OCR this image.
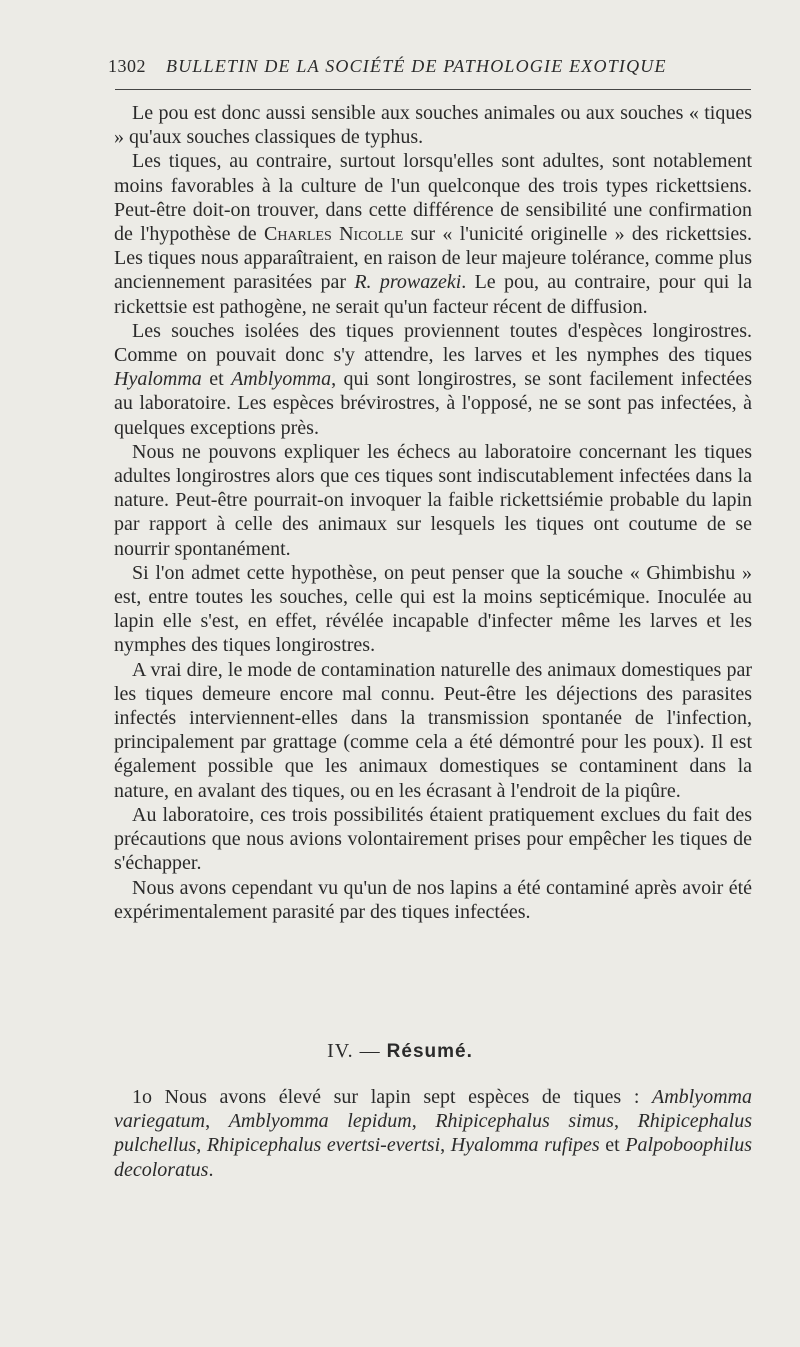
1302 BULLETIN DE LA SOCIÉTÉ DE PATHOLOGIE EXOTIQUE

Le pou est donc aussi sensible aux souches animales ou aux souches « tiques » qu'aux souches classiques de typhus.

Les tiques, au contraire, surtout lorsqu'elles sont adultes, sont notablement moins favorables à la culture de l'un quelconque des trois types rickettsiens. Peut-être doit-on trouver, dans cette différence de sensibilité une confirmation de l'hypothèse de Charles Nicolle sur « l'unicité originelle » des rickettsies. Les tiques nous apparaîtraient, en raison de leur majeure tolérance, comme plus anciennement parasitées par R. prowazeki. Le pou, au contraire, pour qui la rickettsie est pathogène, ne serait qu'un facteur récent de diffusion.

Les souches isolées des tiques proviennent toutes d'espèces longirostres. Comme on pouvait donc s'y attendre, les larves et les nymphes des tiques Hyalomma et Amblyomma, qui sont longirostres, se sont facilement infectées au laboratoire. Les espèces brévirostres, à l'opposé, ne se sont pas infectées, à quelques exceptions près.

Nous ne pouvons expliquer les échecs au laboratoire concernant les tiques adultes longirostres alors que ces tiques sont indiscutablement infectées dans la nature. Peut-être pourrait-on invoquer la faible rickettsiémie probable du lapin par rapport à celle des animaux sur lesquels les tiques ont coutume de se nourrir spontanément.

Si l'on admet cette hypothèse, on peut penser que la souche « Ghimbishu » est, entre toutes les souches, celle qui est la moins septicémique. Inoculée au lapin elle s'est, en effet, révélée incapable d'infecter même les larves et les nymphes des tiques longirostres.

A vrai dire, le mode de contamination naturelle des animaux domestiques par les tiques demeure encore mal connu. Peut-être les déjections des parasites infectés interviennent-elles dans la transmission spontanée de l'infection, principalement par grattage (comme cela a été démontré pour les poux). Il est également possible que les animaux domestiques se contaminent dans la nature, en avalant des tiques, ou en les écrasant à l'endroit de la piqûre.

Au laboratoire, ces trois possibilités étaient pratiquement exclues du fait des précautions que nous avions volontairement prises pour empêcher les tiques de s'échapper.

Nous avons cependant vu qu'un de nos lapins a été contaminé après avoir été expérimentalement parasité par des tiques infectées.

IV. — Résumé.

1o Nous avons élevé sur lapin sept espèces de tiques : Amblyomma variegatum, Amblyomma lepidum, Rhipicephalus simus, Rhipicephalus pulchellus, Rhipicephalus evertsi-evertsi, Hyalomma rufipes et Palpoboophilus decoloratus.
